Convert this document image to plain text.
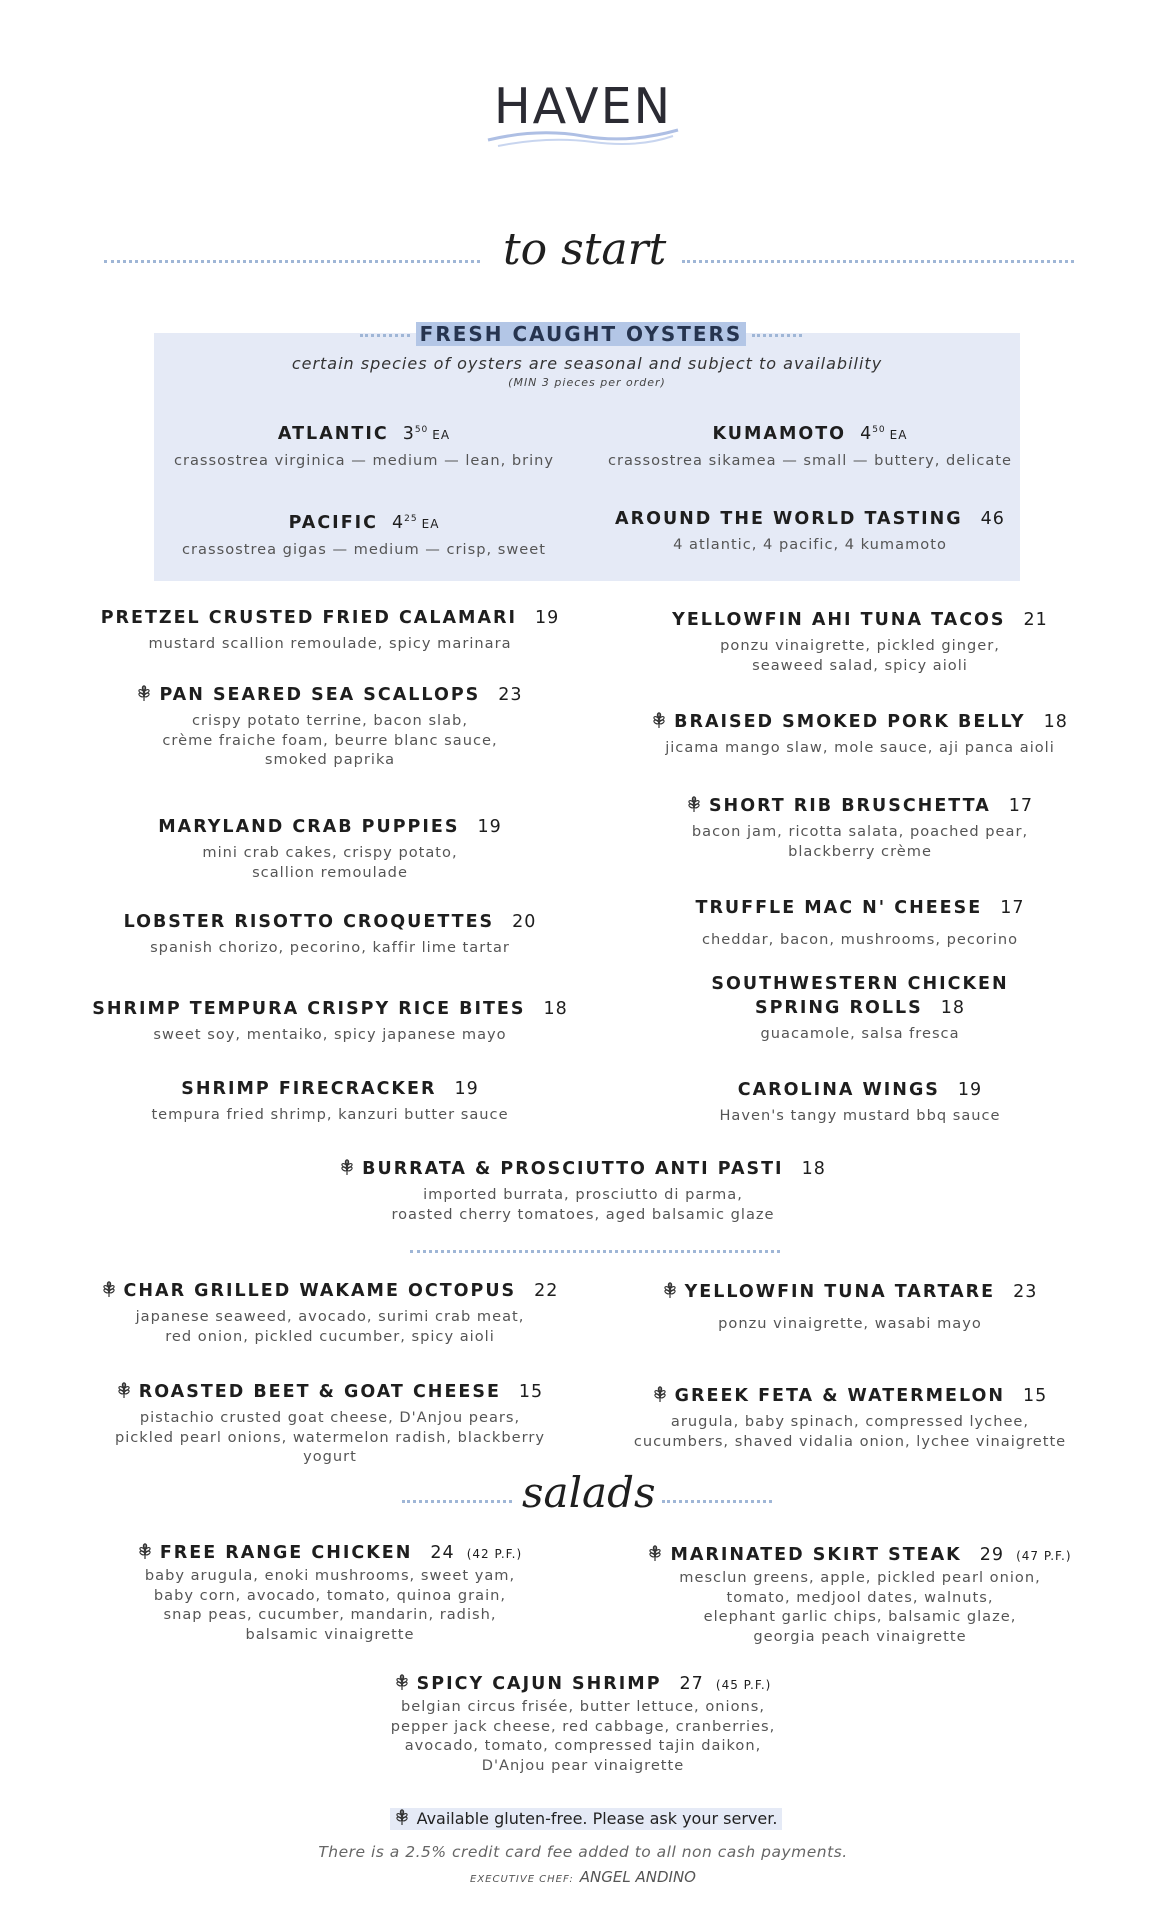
HAVEN
to start
FRESH CAUGHT OYSTERS
certain species of oysters are seasonal and subject to availability
(MIN 3 pieces per order)
ATLANTIC $3^{50}$ EA
crassostrea virginica — medium — lean, briny
KUMAMOTO $4^{50}$ EA
crassostrea sikamea — small — buttery, delicate
PACIFIC $4^{25}$ EA
crassostrea gigas — medium — crisp, sweet
AROUND THE WORLD TASTING 46
4 atlantic, 4 pacific, 4 kumamoto
PRETZEL CRUSTED FRIED CALAMARI 19
mustard scallion remoulade, spicy marinara
PAN SEARED SEA SCALLOPS 23
crispy potato terrine, bacon slab,
crème fraiche foam, beurre blanc sauce,
smoked paprika
MARYLAND CRAB PUPPIES 19
mini crab cakes, crispy potato,
scallion remoulade
LOBSTER RISOTTO CROQUETTES 20
spanish chorizo, pecorino, kaffir lime tartar
SHRIMP TEMPURA CRISPY RICE BITES 18
sweet soy, mentaiko, spicy japanese mayo
SHRIMP FIRECRACKER 19
tempura fried shrimp, kanzuri butter sauce
YELLOWFIN AHI TUNA TACOS 21
ponzu vinaigrette, pickled ginger,
seaweed salad, spicy aioli
BRAISED SMOKED PORK BELLY 18
jicama mango slaw, mole sauce, aji panca aioli
SHORT RIB BRUSCHETTA 17
bacon jam, ricotta salata, poached pear,
blackberry crème
TRUFFLE MAC N' CHEESE 17
cheddar, bacon, mushrooms, pecorino
SOUTHWESTERN CHICKEN
SPRING ROLLS 18
guacamole, salsa fresca
CAROLINA WINGS 19
Haven's tangy mustard bbq sauce
BURRATA & PROSCIUTTO ANTI PASTI 18
imported burrata, prosciutto di parma,
roasted cherry tomatoes, aged balsamic glaze
CHAR GRILLED WAKAME OCTOPUS 22
japanese seaweed, avocado, surimi crab meat,
red onion, pickled cucumber, spicy aioli
ROASTED BEET & GOAT CHEESE 15
pistachio crusted goat cheese, D'Anjou pears,
pickled pearl onions, watermelon radish, blackberry yogurt
YELLOWFIN TUNA TARTARE 23
ponzu vinaigrette, wasabi mayo
GREEK FETA & WATERMELON 15
arugula, baby spinach, compressed lychee,
cucumbers, shaved vidalia onion, lychee vinaigrette
salads
FREE RANGE CHICKEN 24 (42 P.F.)
baby arugula, enoki mushrooms, sweet yam,
baby corn, avocado, tomato, quinoa grain,
snap peas, cucumber, mandarin, radish,
balsamic vinaigrette
MARINATED SKIRT STEAK 29 (47 P.F.)
mesclun greens, apple, pickled pearl onion,
tomato, medjool dates, walnuts,
elephant garlic chips, balsamic glaze,
georgia peach vinaigrette
SPICY CAJUN SHRIMP 27 (45 P.F.)
belgian circus frisée, butter lettuce, onions,
pepper jack cheese, red cabbage, cranberries,
avocado, tomato, compressed tajin daikon,
D'Anjou pear vinaigrette
Available gluten-free. Please ask your server.
There is a 2.5% credit card fee added to all non cash payments.
EXECUTIVE CHEF: ANGEL ANDINO
